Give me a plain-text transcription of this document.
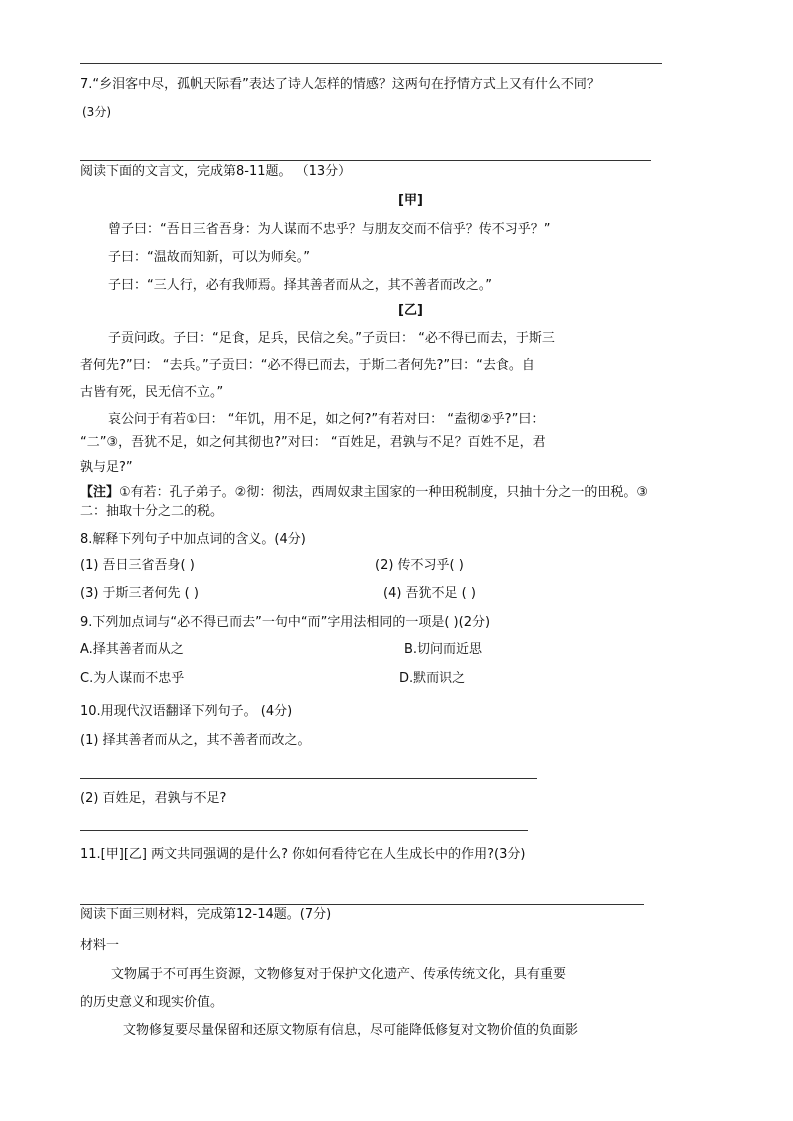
7.“乡泪客中尽，孤帆天际看”表达了诗人怎样的情感？这两句在抒情方式上又有什么不同？
(3分)
阅读下面的文言文，完成第8-11题。 （13分）
[甲]
曾子曰：“吾日三省吾身：为人谋而不忠乎？与朋友交而不信乎？传不习乎？”
子曰：“温故而知新，可以为师矣。”
子曰：“三人行，必有我师焉。择其善者而从之，其不善者而改之。”
[乙]
子贡问政。子曰：“足食，足兵，民信之矣。”子贡曰： “必不得已而去，于斯三
者何先?”曰： “去兵。”子贡曰：“必不得已而去，于斯二者何先?”曰：“去食。自
古皆有死，民无信不立。”
哀公问于有若①曰： “年饥，用不足，如之何?”有若对曰： “盍彻②乎?”曰：
“二”③，吾犹不足，如之何其彻也?”对曰： “百姓足，君孰与不足？百姓不足，君
孰与足?”
【注】①有若：孔子弟子。②彻：彻法，西周奴隶主国家的一种田税制度，只抽十分之一的田税。③
二：抽取十分之二的税。
8.解释下列句子中加点词的含义。(4分)
(1) 吾日三省吾身( )	(2) 传不习乎( )
(3) 于斯三者何先 ( )	(4) 吾犹不足 ( )
9.下列加点词与“必不得已而去”一句中“而”字用法相同的一项是( )(2分)
A.择其善者而从之	B.切问而近思
C.为人谋而不忠乎	D.默而识之
10.用现代汉语翻译下列句子。 (4分)
(1) 择其善者而从之，其不善者而改之。
(2) 百姓足，君孰与不足?
11.[甲][乙] 两文共同强调的是什么? 你如何看待它在人生成长中的作用?(3分)
阅读下面三则材料，完成第12-14题。(7分)
材料一
文物属于不可再生资源，文物修复对于保护文化遗产、传承传统文化，具有重要
的历史意义和现实价值。
文物修复要尽量保留和还原文物原有信息，尽可能降低修复对文物价值的负面影
